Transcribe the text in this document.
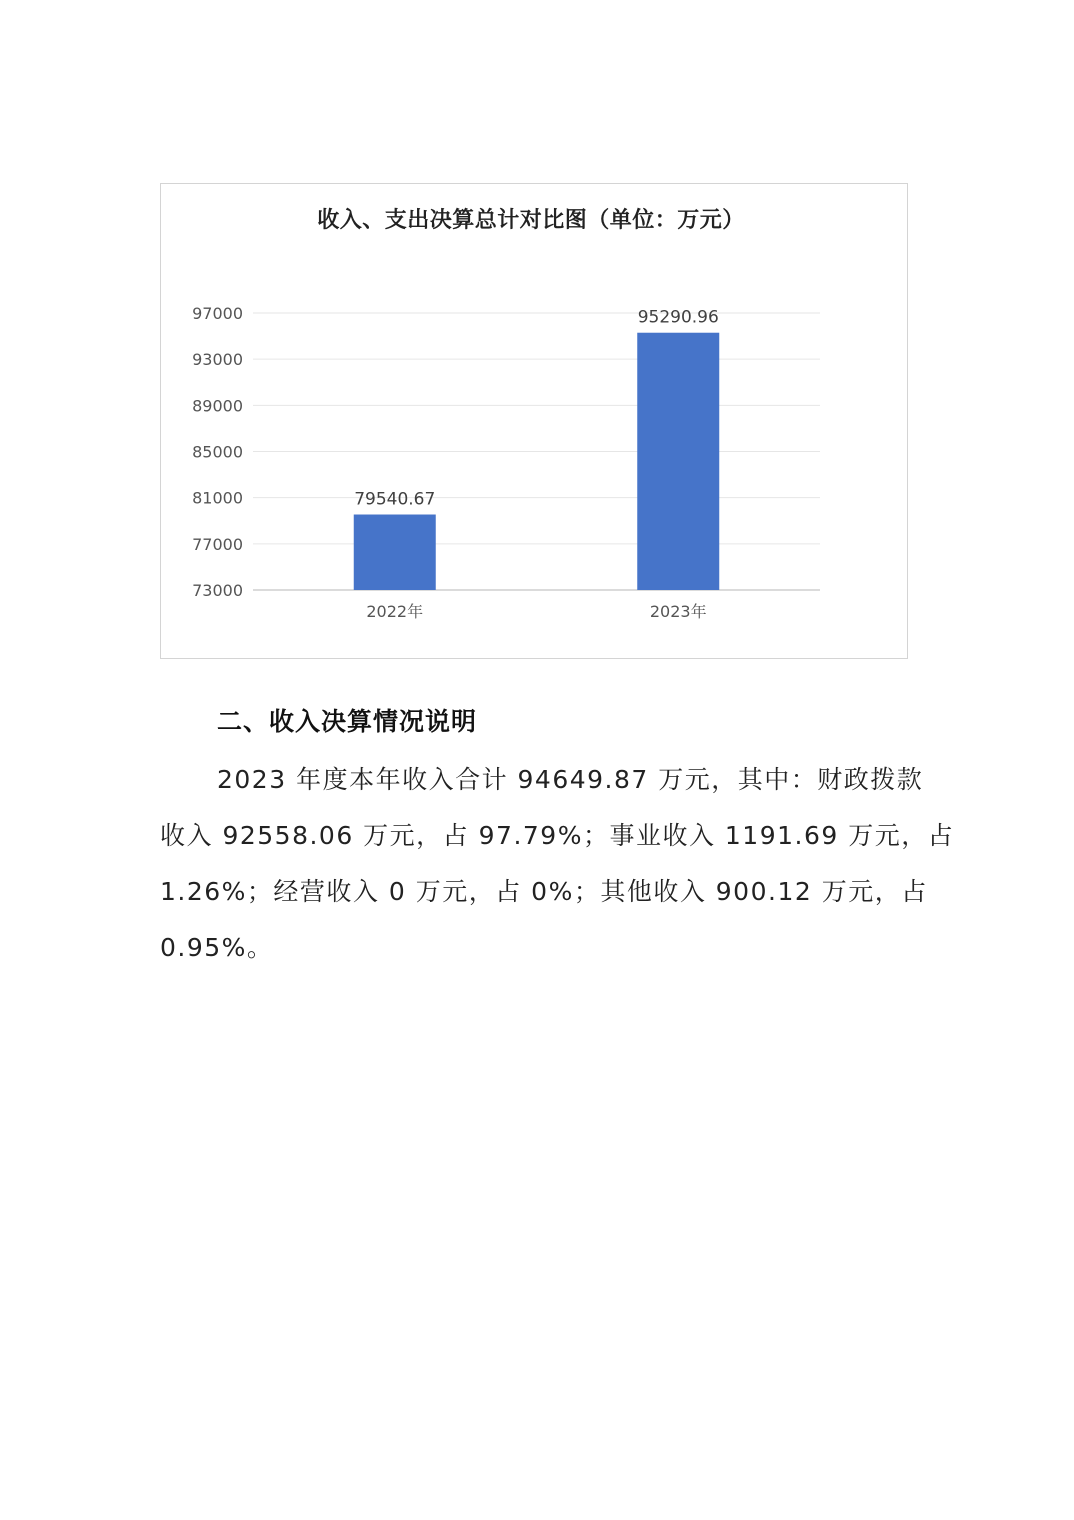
收入、支出决算总计对比图（单位：万元）
73000
77000
81000
85000
89000
93000
97000
79540.67
2022年
95290.96
2023年
二、收入决算情况说明
2023 年度本年收入合计 94649.87 万元，其中：财政拨款
收入 92558.06 万元，占 97.79%；事业收入 1191.69 万元，占
1.26%；经营收入 0 万元，占 0%；其他收入 900.12 万元，占
0.95%。
